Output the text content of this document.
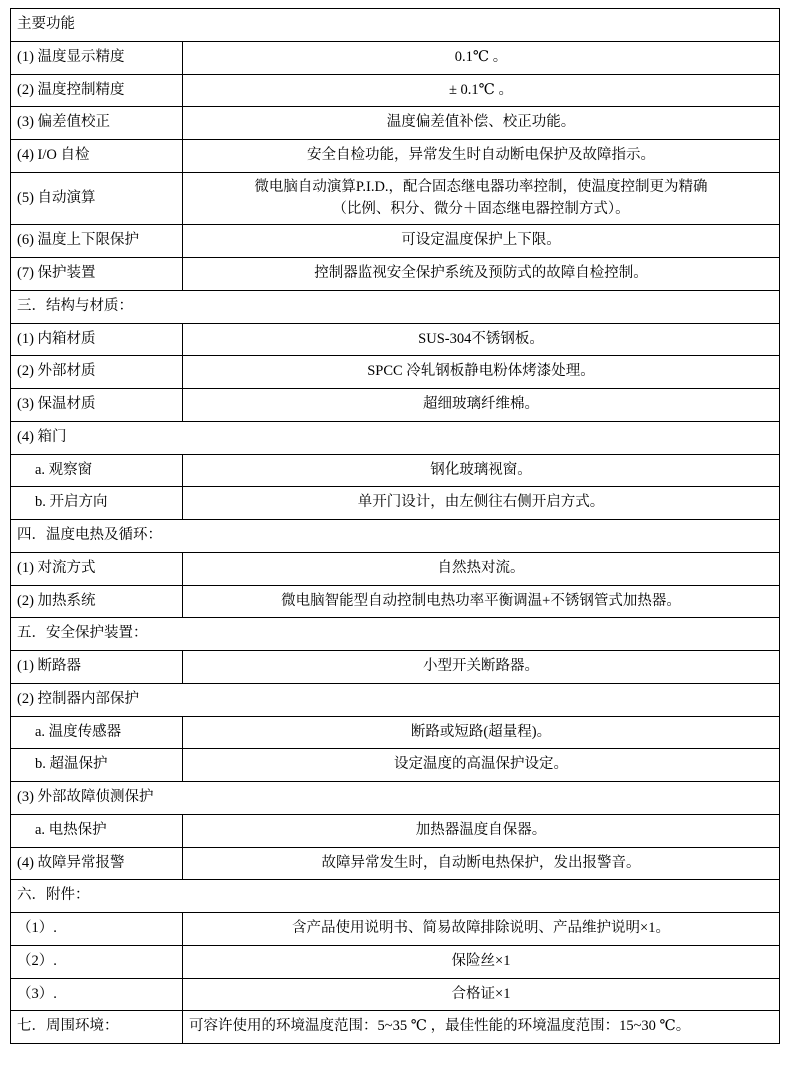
主要功能	
(1) 温度显示精度	0.1℃ 。
(2) 温度控制精度	± 0.1℃ 。
(3) 偏差值校正	温度偏差值补偿、校正功能。
(4) I/O 自检	安全自检功能，异常发生时自动断电保护及故障指示。
(5) 自动演算	微电脑自动演算P.I.D.，配合固态继电器功率控制，使温度控制更为精确
（比例、积分、微分＋固态继电器控制方式）。

(6) 温度上下限保护	可设定温度保护上下限。
(7) 保护装置	控制器监视安全保护系统及预防式的故障自检控制。
三．结构与材质：	
(1) 内箱材质	SUS-304不锈钢板。
(2) 外部材质	SPCC 冷轧钢板静电粉体烤漆处理。
(3) 保温材质	超细玻璃纤维棉。
(4) 箱门	
a. 观察窗	钢化玻璃视窗。
b. 开启方向	单开门设计，由左侧往右侧开启方式。
四．温度电热及循环：	
(1) 对流方式	自然热对流。
(2) 加热系统	微电脑智能型自动控制电热功率平衡调温+不锈钢管式加热器。
五．安全保护装置：	
(1) 断路器	小型开关断路器。
(2) 控制器内部保护	
a. 温度传感器	断路或短路(超量程)。
b. 超温保护	设定温度的高温保护设定。
(3) 外部故障侦测保护	
a. 电热保护	加热器温度自保器。
(4) 故障异常报警	故障异常发生时，自动断电热保护，发出报警音。
六．附件：	
（1）.	含产品使用说明书、简易故障排除说明、产品维护说明×1。
（2）.	保险丝×1
（3）.	合格证×1
七．周围环境：	可容许使用的环境温度范围：5~35 ℃ ，最佳性能的环境温度范围：15~30 ℃。
